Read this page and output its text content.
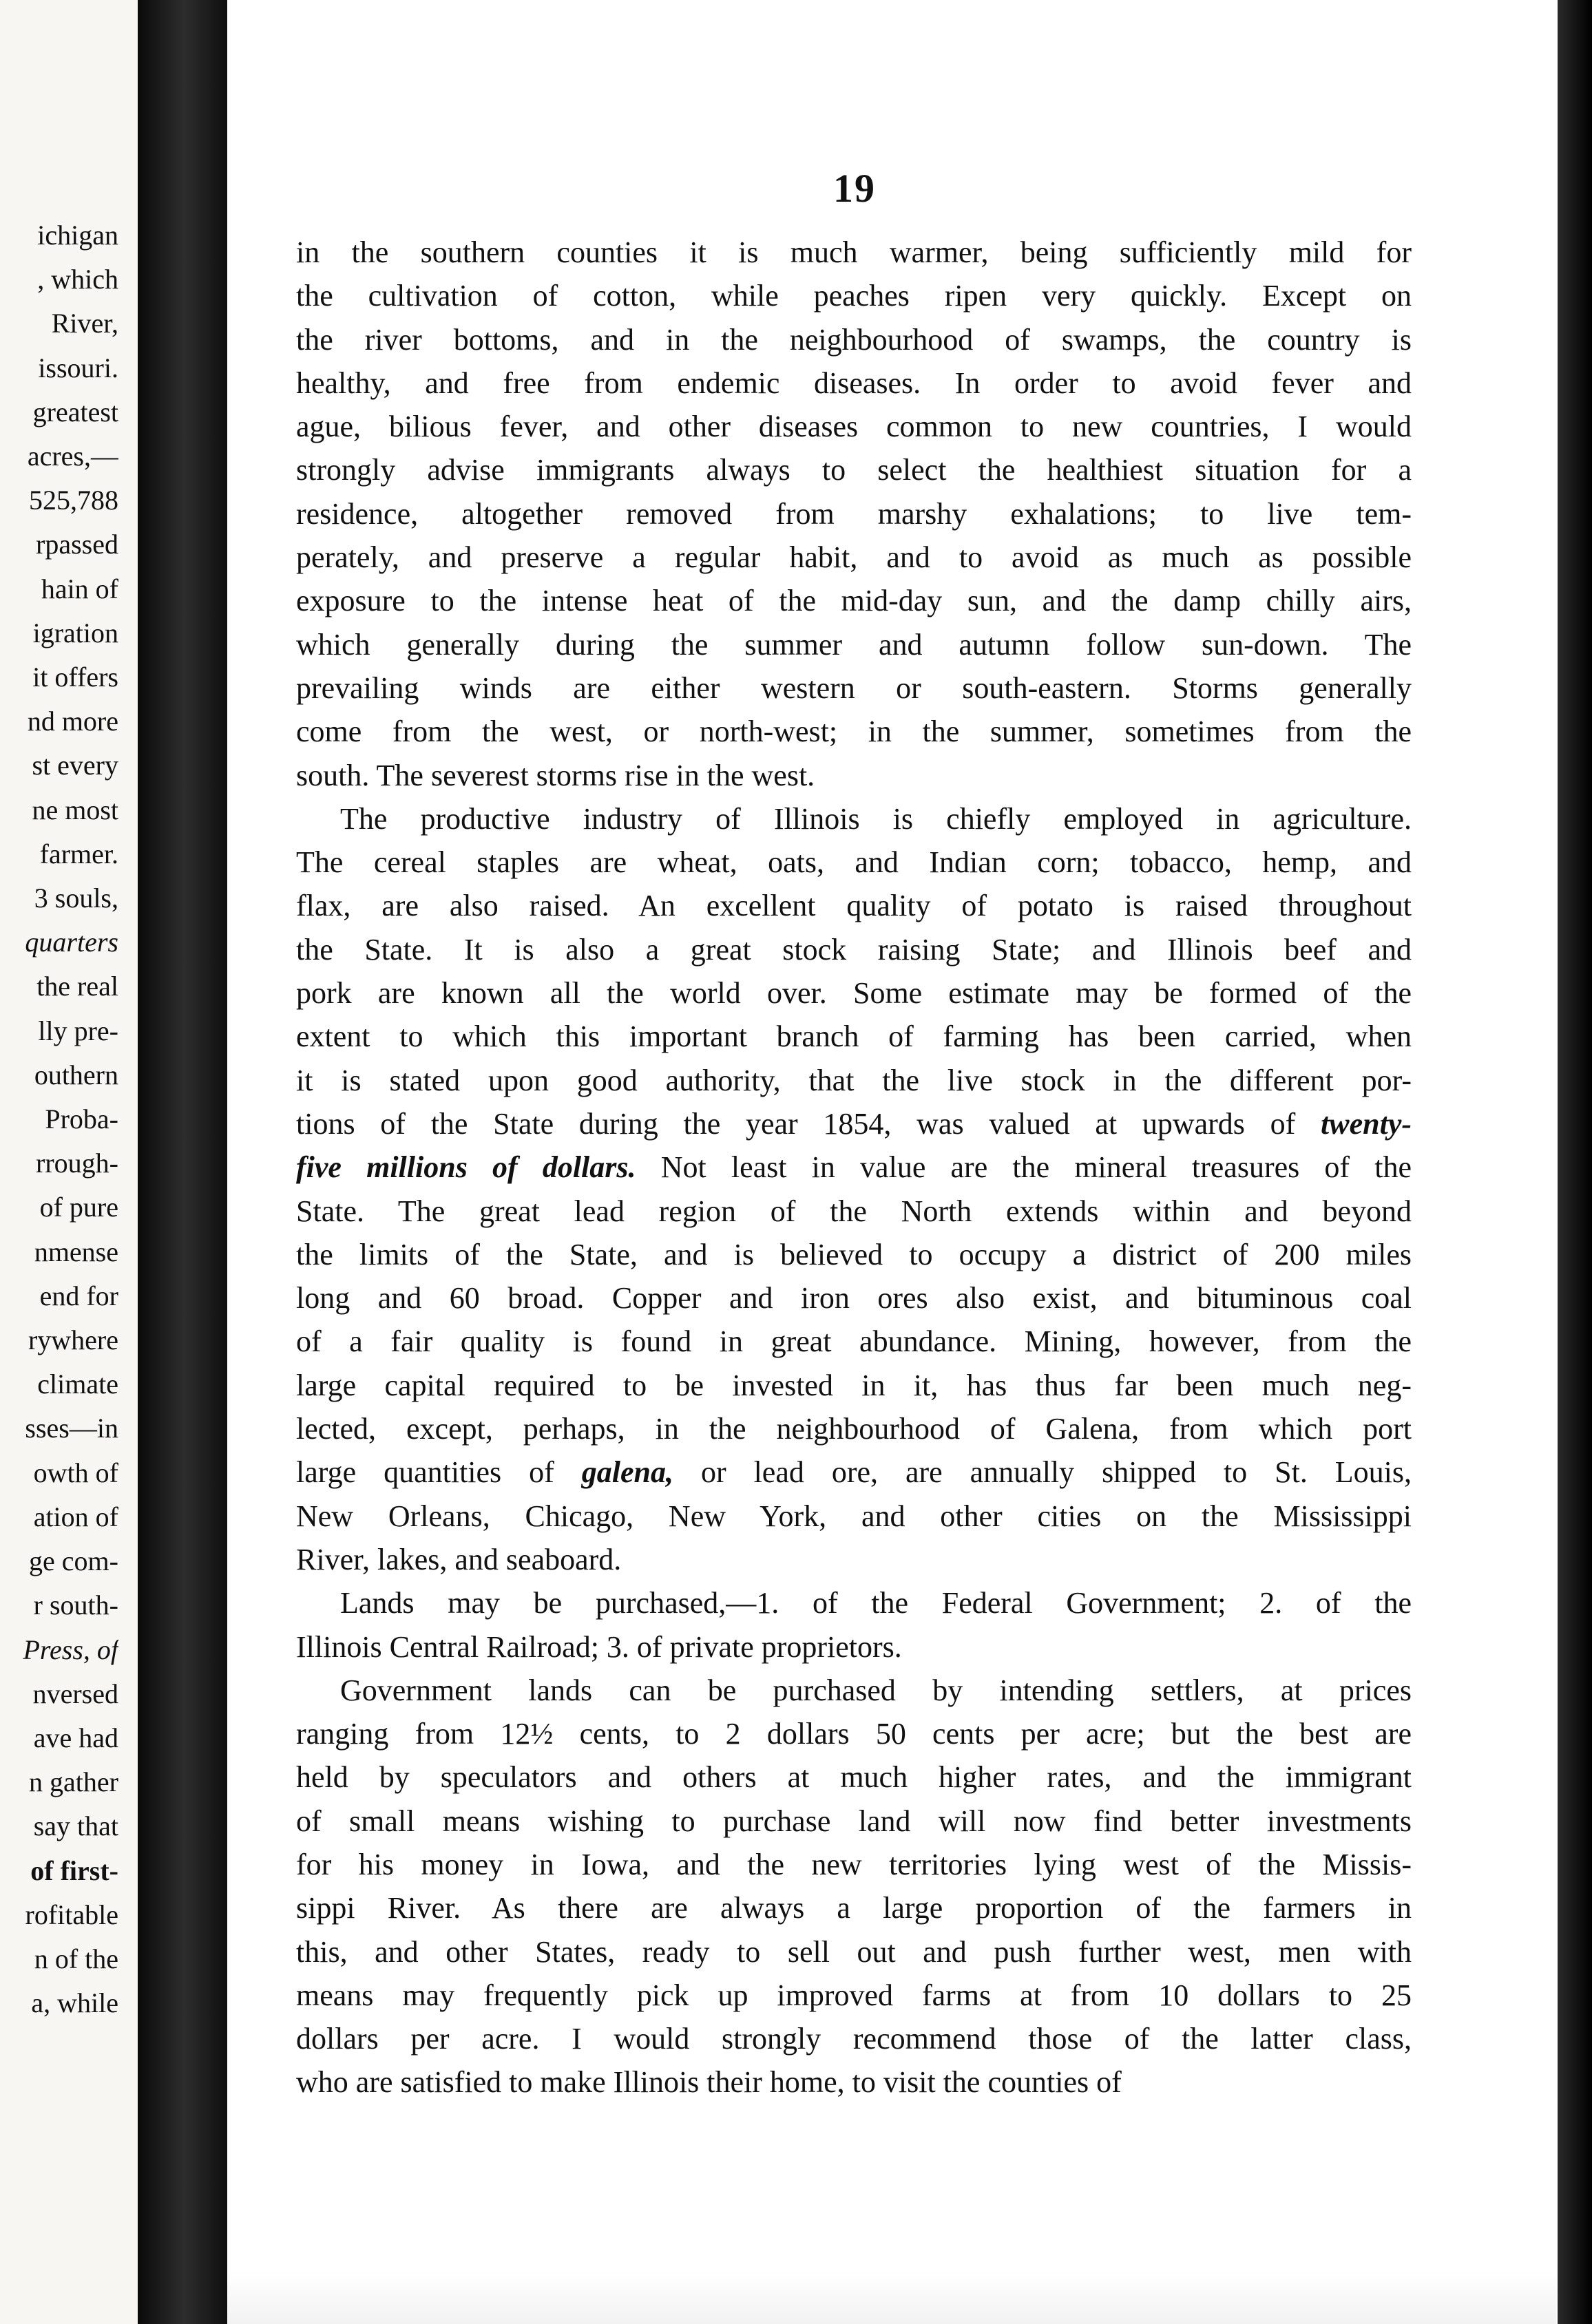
ichigan
, which
River,
issouri.
greatest
acres,—
525,788
rpassed
hain of
igration
it offers
nd more
st every
ne most
farmer.
3 souls,
quarters
the real
lly pre-
outhern
Proba-
rrough-
of pure
nmense
end for
rywhere
climate
sses—in
owth of
ation of
ge com-
r south-
Press, of
nversed
ave had
n gather
say that
of first-
rofitable
n of the
a, while
19
in the southern counties it is much warmer, being sufficiently mild for
the cultivation of cotton, while peaches ripen very quickly. Except on
the river bottoms, and in the neighbourhood of swamps, the country is
healthy, and free from endemic diseases. In order to avoid fever and
ague, bilious fever, and other diseases common to new countries, I would
strongly advise immigrants always to select the healthiest situation for a
residence, altogether removed from marshy exhalations; to live tem-
perately, and preserve a regular habit, and to avoid as much as possible
exposure to the intense heat of the mid-day sun, and the damp chilly airs,
which generally during the summer and autumn follow sun-down. The
prevailing winds are either western or south-eastern. Storms generally
come from the west, or north-west; in the summer, sometimes from the
south. The severest storms rise in the west.
The productive industry of Illinois is chiefly employed in agriculture.
The cereal staples are wheat, oats, and Indian corn; tobacco, hemp, and
flax, are also raised. An excellent quality of potato is raised throughout
the State. It is also a great stock raising State; and Illinois beef and
pork are known all the world over. Some estimate may be formed of the
extent to which this important branch of farming has been carried, when
it is stated upon good authority, that the live stock in the different por-
tions of the State during the year 1854, was valued at upwards of twenty-
five millions of dollars. Not least in value are the mineral treasures of the
State. The great lead region of the North extends within and beyond
the limits of the State, and is believed to occupy a district of 200 miles
long and 60 broad. Copper and iron ores also exist, and bituminous coal
of a fair quality is found in great abundance. Mining, however, from the
large capital required to be invested in it, has thus far been much neg-
lected, except, perhaps, in the neighbourhood of Galena, from which port
large quantities of galena, or lead ore, are annually shipped to St. Louis,
New Orleans, Chicago, New York, and other cities on the Mississippi
River, lakes, and seaboard.
Lands may be purchased,—1. of the Federal Government; 2. of the
Illinois Central Railroad; 3. of private proprietors.
Government lands can be purchased by intending settlers, at prices
ranging from 12½ cents, to 2 dollars 50 cents per acre; but the best are
held by speculators and others at much higher rates, and the immigrant
of small means wishing to purchase land will now find better investments
for his money in Iowa, and the new territories lying west of the Missis-
sippi River. As there are always a large proportion of the farmers in
this, and other States, ready to sell out and push further west, men with
means may frequently pick up improved farms at from 10 dollars to 25
dollars per acre. I would strongly recommend those of the latter class,
who are satisfied to make Illinois their home, to visit the counties of
